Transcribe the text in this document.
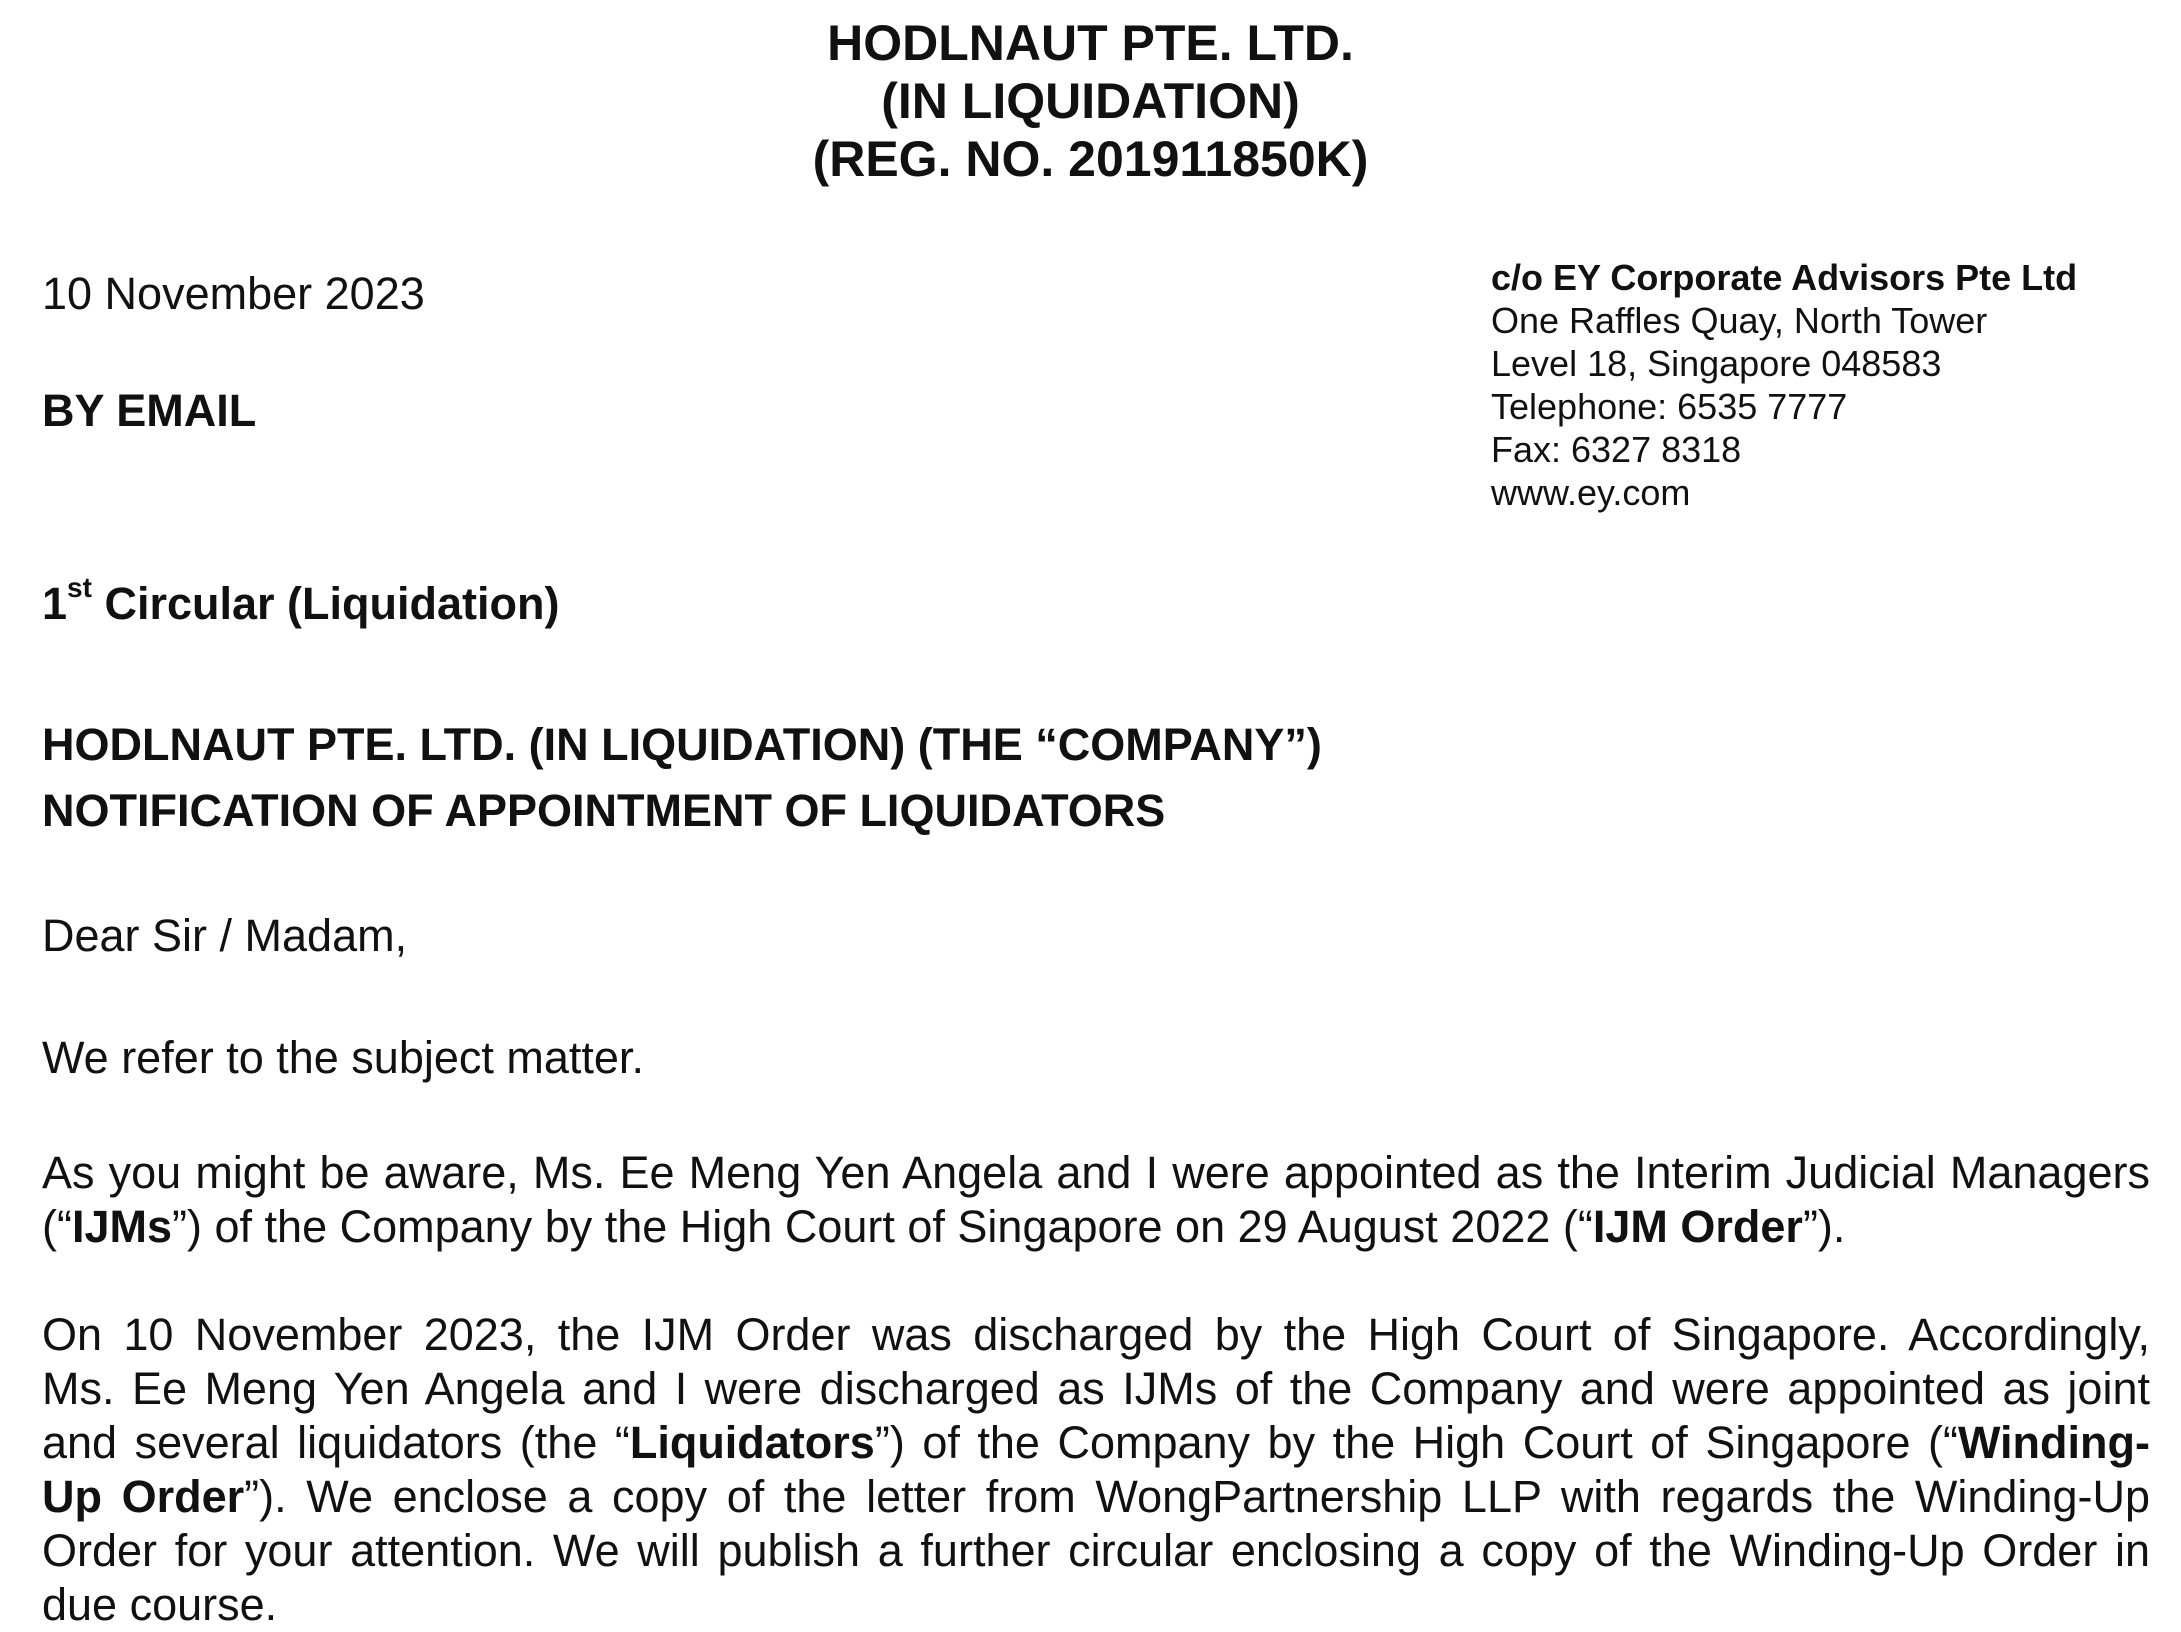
HODLNAUT PTE. LTD.
(IN LIQUIDATION)
(REG. NO. 201911850K)
10 November 2023
BY EMAIL
c/o EY Corporate Advisors Pte Ltd
One Raffles Quay, North Tower
Level 18, Singapore 048583
Telephone: 6535 7777
Fax: 6327 8318
www.ey.com
1st Circular (Liquidation)
HODLNAUT PTE. LTD. (IN LIQUIDATION) (THE “COMPANY”)
NOTIFICATION OF APPOINTMENT OF LIQUIDATORS
Dear Sir / Madam,
We refer to the subject matter.
As you might be aware, Ms. Ee Meng Yen Angela and I were appointed as the Interim Judicial Managers
(“IJMs”) of the Company by the High Court of Singapore on 29 August 2022 (“IJM Order”).
On 10 November 2023, the IJM Order was discharged by the High Court of Singapore. Accordingly,
Ms. Ee Meng Yen Angela and I were discharged as IJMs of the Company and were appointed as joint
and several liquidators (the “Liquidators”) of the Company by the High Court of Singapore (“Winding-
Up Order”). We enclose a copy of the letter from WongPartnership LLP with regards the Winding-Up
Order for your attention. We will publish a further circular enclosing a copy of the Winding-Up Order in
due course.
